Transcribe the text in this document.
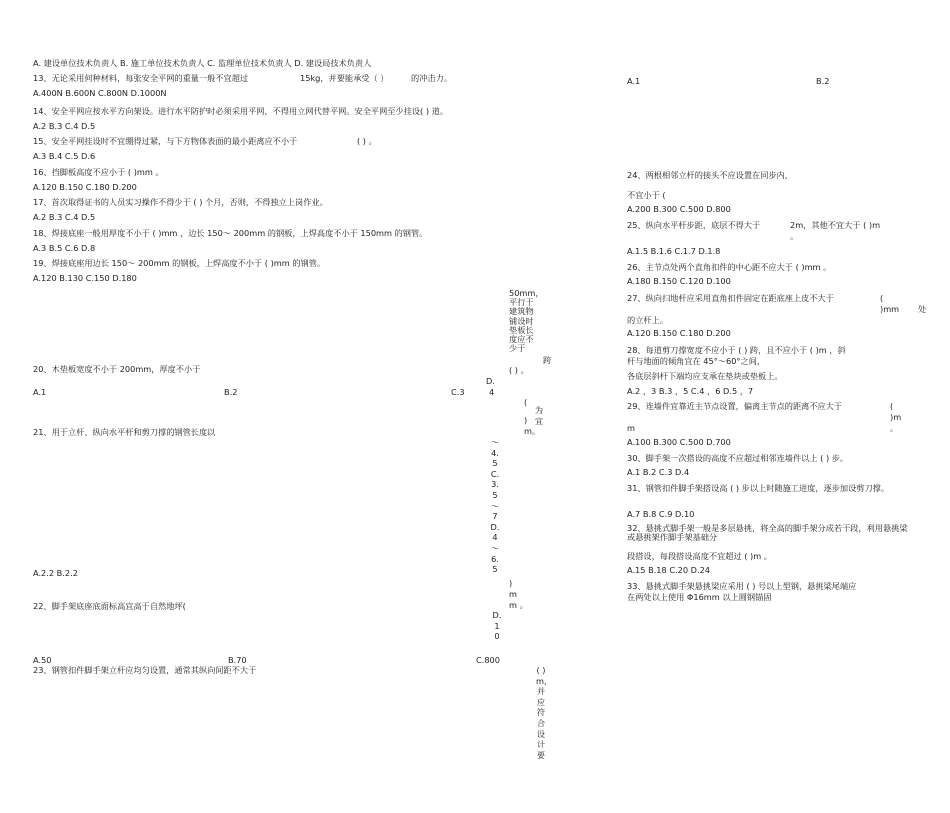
A. 建设单位技术负责人 B. 施工单位技术负责人 C. 监理单位技术负责人 D. 建设局技术负责人
13、无论采用何种材料，每张安全平网的重量一般不宜超过	15kg，并要能承受（ ）	的冲击力。
A.400N B.600N C.800N D.1000N
14、安全平网应按水平方向架设。进行水平防护时必须采用平网，不得用立网代替平网。安全平网至少挂设( ) 道。
A.2 B.3 C.4 D.5
15、安全平网挂设时不宜绷得过紧，与下方物体表面的最小距离应不小于	( ) 。
A.3 B.4 C.5 D.6
16、挡脚板高度不应小于 ( )mm 。
A.120 B.150 C.180 D.200
17、首次取得证书的人员实习操作不得少于 ( ) 个月，否则，不得独立上岗作业。
A.2 B.3 C.4 D.5
18、焊接底座一般用厚度不小于 ( )mm ，边长 150～ 200mm 的钢板，上焊高度不小于 150mm 的钢管。
A.3 B.5 C.6 D.8
19、焊接底座用边长 150～ 200mm 的钢板，上焊高度不小于 ( )mm 的钢管。
A.120 B.130 C.150 D.180
20、木垫板宽度不小于 200mm，厚度不小于
A.1	B.2	C.3	4
21、用于立杆、纵向水平杆和剪刀撑的钢管长度以
A.2.2 B.2.2
22、脚手架底座底面标高宜高于自然地坪(
A.50	B.70	C.800
23、钢管扣件脚手架立杆应均匀设置，通常其纵向间距不大于
50mm，平行于建筑物铺设时垫板长度应不少于
跨
( ) 。
D.
(
为宜
)
m。
～4.5C.3.5～7D.4～6.5
)
m
m 。
D.10
( )m，并应符合设计要
A.1	B.2
24、两根相邻立杆的接头不应设置在同步内，
不宜小于 (
A.200 B.300 C.500 D.800
25、纵向水平杆步距，底层不得大于	2m，其他不宜大于 ( )m
。
A.1.5 B.1.6 C.1.7 D.1.8
26、主节点处两个直角扣件的中心距不应大于 ( )mm 。
A.180 B.150 C.120 D.100
27、纵向扫地杆应采用直角扣件固定在距底座上皮不大于	(
)mm 处
的立杆上。
A.120 B.150 C.180 D.200
28、每道剪刀撑宽度不应小于 ( ) 跨，且不应小于 ( )m ，斜
杆与地面的倾角宜在 45°～60°之间，
各底层斜杆下端均应支承在垫块或垫板上。
A.2 ，3 B.3 ，5 C.4 ，6 D.5 ，7
29、连墙件宜靠近主节点设置，偏离主节点的距离不应大于	(
)m
m	。
A.100 B.300 C.500 D.700
30、脚手架一次搭设的高度不应超过相邻连墙件以上 ( ) 步。
A.1 B.2 C.3 D.4
31、钢管扣件脚手架搭设高 ( ) 步以上时随施工进度，逐步加设剪刀撑。
A.7 B.8 C.9 D.10
32、悬挑式脚手架一般是多层悬挑，将全高的脚手架分成若干段，利用悬挑梁或悬挑架作脚手架基础分
段搭设，每段搭设高度不宜超过 ( )m 。
A.15 B.18 C.20 D.24
33、悬挑式脚手架悬挑梁应采用 ( ) 号以上型钢，悬挑梁尾端应
在两处以上使用 Φ16mm 以上圆钢锚固
